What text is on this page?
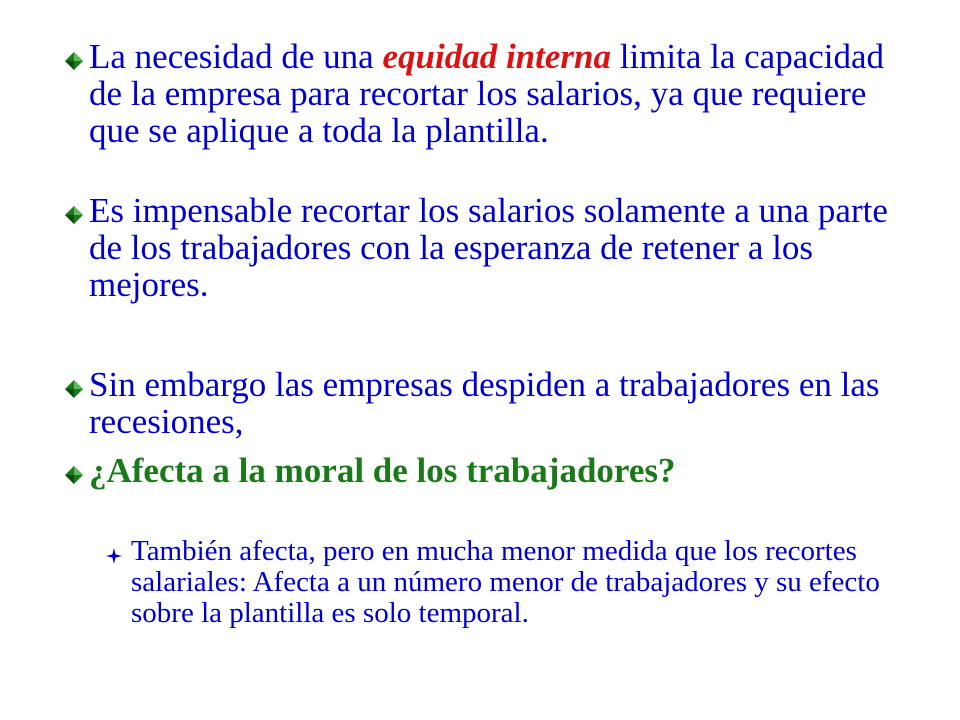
La necesidad de una equidad interna limita la capacidad de la empresa para recortar los salarios, ya que requiere que se aplique a toda la plantilla.
Es impensable recortar los salarios solamente a una parte de los trabajadores con la esperanza de retener a los mejores.
Sin embargo las empresas despiden a trabajadores en las recesiones,
¿Afecta a la moral de los trabajadores?
También afecta, pero en mucha menor medida que los recortes salariales: Afecta a un número menor de trabajadores y su efecto sobre la plantilla es solo temporal.
